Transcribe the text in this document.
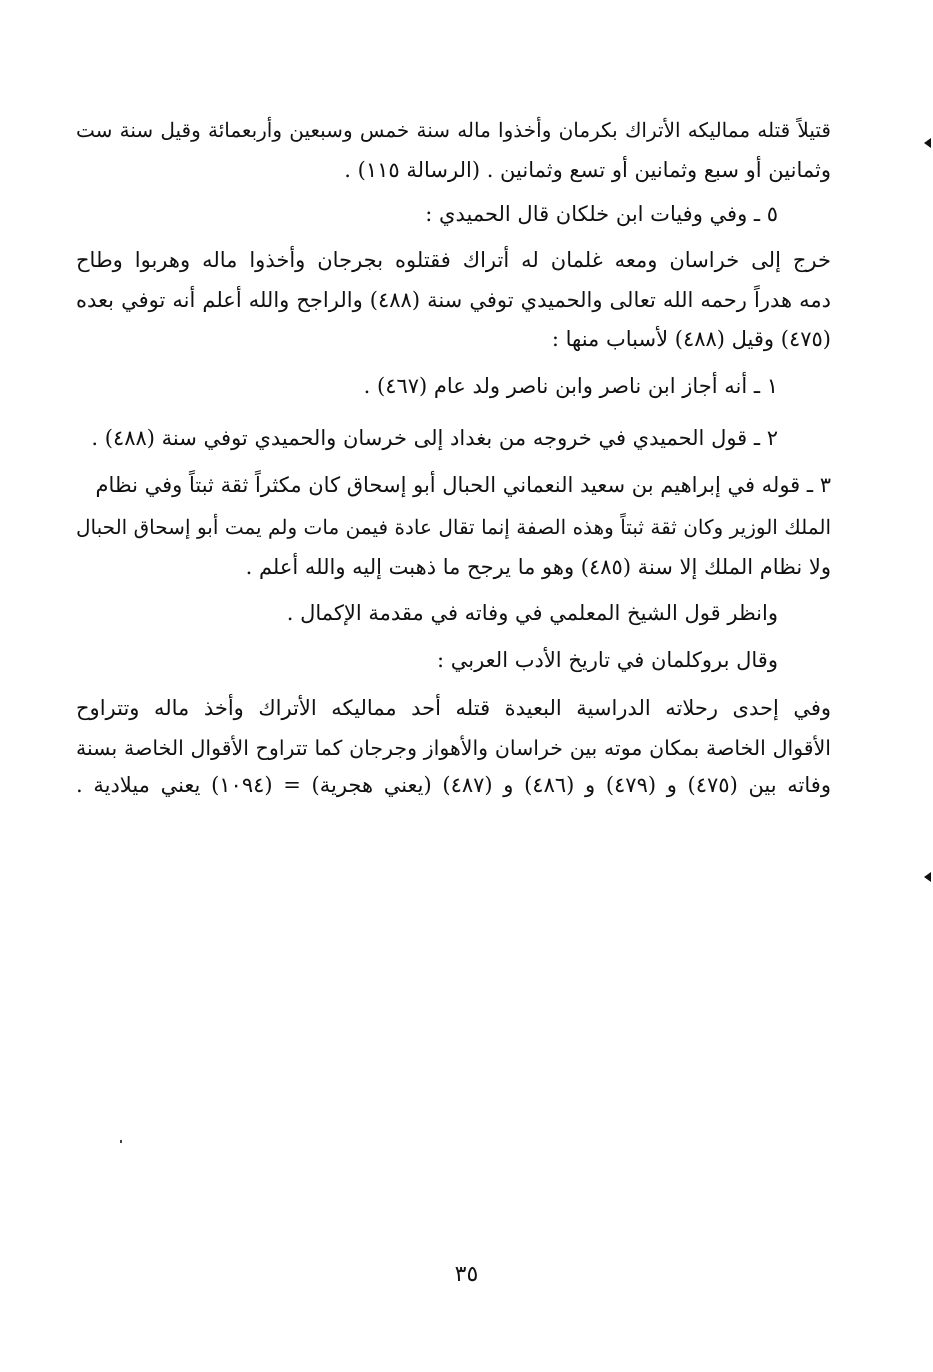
قتيلاً قتله مماليكه الأتراك بكرمان وأخذوا ماله سنة خمس وسبعين وأربعمائة وقيل سنة ست
وثمانين أو سبع وثمانين أو تسع وثمانين . (الرسالة ١١٥) .
٥ ـ وفي وفيات ابن خلكان قال الحميدي :
خرج إلى خراسان ومعه غلمان له أتراك فقتلوه بجرجان وأخذوا ماله وهربوا وطاح
دمه هدراً رحمه الله تعالى والحميدي توفي سنة (٤٨٨) والراجح والله أعلم أنه توفي بعده
(٤٧٥) وقيل (٤٨٨) لأسباب منها :
١ ـ أنه أجاز ابن ناصر وابن ناصر ولد عام (٤٦٧) .
٢ ـ قول الحميدي في خروجه من بغداد إلى خرسان والحميدي توفي سنة (٤٨٨) .
٣ ـ قوله في إبراهيم بن سعيد النعماني الحبال أبو إسحاق كان مكثراً ثقة ثبتاً وفي نظام
الملك الوزير وكان ثقة ثبتاً وهذه الصفة إنما تقال عادة فيمن مات ولم يمت أبو إسحاق الحبال
ولا نظام الملك إلا سنة (٤٨٥) وهو ما يرجح ما ذهبت إليه والله أعلم .
وانظر قول الشيخ المعلمي في وفاته في مقدمة الإكمال .
وقال بروكلمان في تاريخ الأدب العربي :
وفي إحدى رحلاته الدراسية البعيدة قتله أحد مماليكه الأتراك وأخذ ماله وتتراوح
الأقوال الخاصة بمكان موته بين خراسان والأهواز وجرجان كما تتراوح الأقوال الخاصة بسنة
وفاته بين (٤٧٥) و (٤٧٩) و (٤٨٦) و (٤٨٧) (يعني هجرية) = (١٠٩٤) يعني ميلادية .
٣٥
